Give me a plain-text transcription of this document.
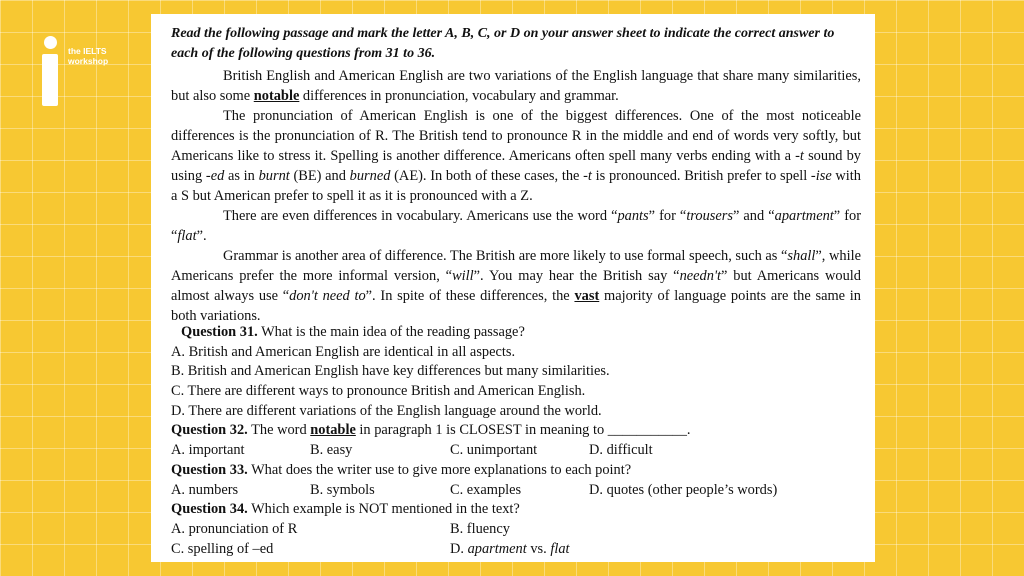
the IELTS
workshop
Read the following passage and mark the letter A, B, C, or D on your answer sheet to indicate the correct answer to each of the following questions from 31 to 36.

British English and American English are two variations of the English language that share many similarities, but also some notable differences in pronunciation, vocabulary and grammar.

The pronunciation of American English is one of the biggest differences. One of the most noticeable differences is the pronunciation of R. The British tend to pronounce R in the middle and end of words very softly, but Americans like to stress it. Spelling is another difference. Americans often spell many verbs ending with a -t sound by using -ed as in burnt (BE) and burned (AE). In both of these cases, the -t is pronounced. British prefer to spell -ise with a S but American prefer to spell it as it is pronounced with a Z.

There are even differences in vocabulary. Americans use the word “pants” for “trousers” and “apartment” for “flat”.

Grammar is another area of difference. The British are more likely to use formal speech, such as “shall”, while Americans prefer the more informal version, “will”. You may hear the British say “needn't” but Americans would almost always use “don't need to”. In spite of these differences, the vast majority of language points are the same in both variations.

Question 31. What is the main idea of the reading passage?
A. British and American English are identical in all aspects.
B. British and American English have key differences but many similarities.
C. There are different ways to pronounce British and American English.
D. There are different variations of the English language around the world.
Question 32. The word notable in paragraph 1 is CLOSEST in meaning to ___________.
A. important	B. easy	C. unimportant	D. difficult
Question 33. What does the writer use to give more explanations to each point?
A. numbers	B. symbols	C. examples	D. quotes (other people’s words)
Question 34. Which example is NOT mentioned in the text?
A. pronunciation of R	B. fluency
C. spelling of –ed	D. apartment vs. flat
